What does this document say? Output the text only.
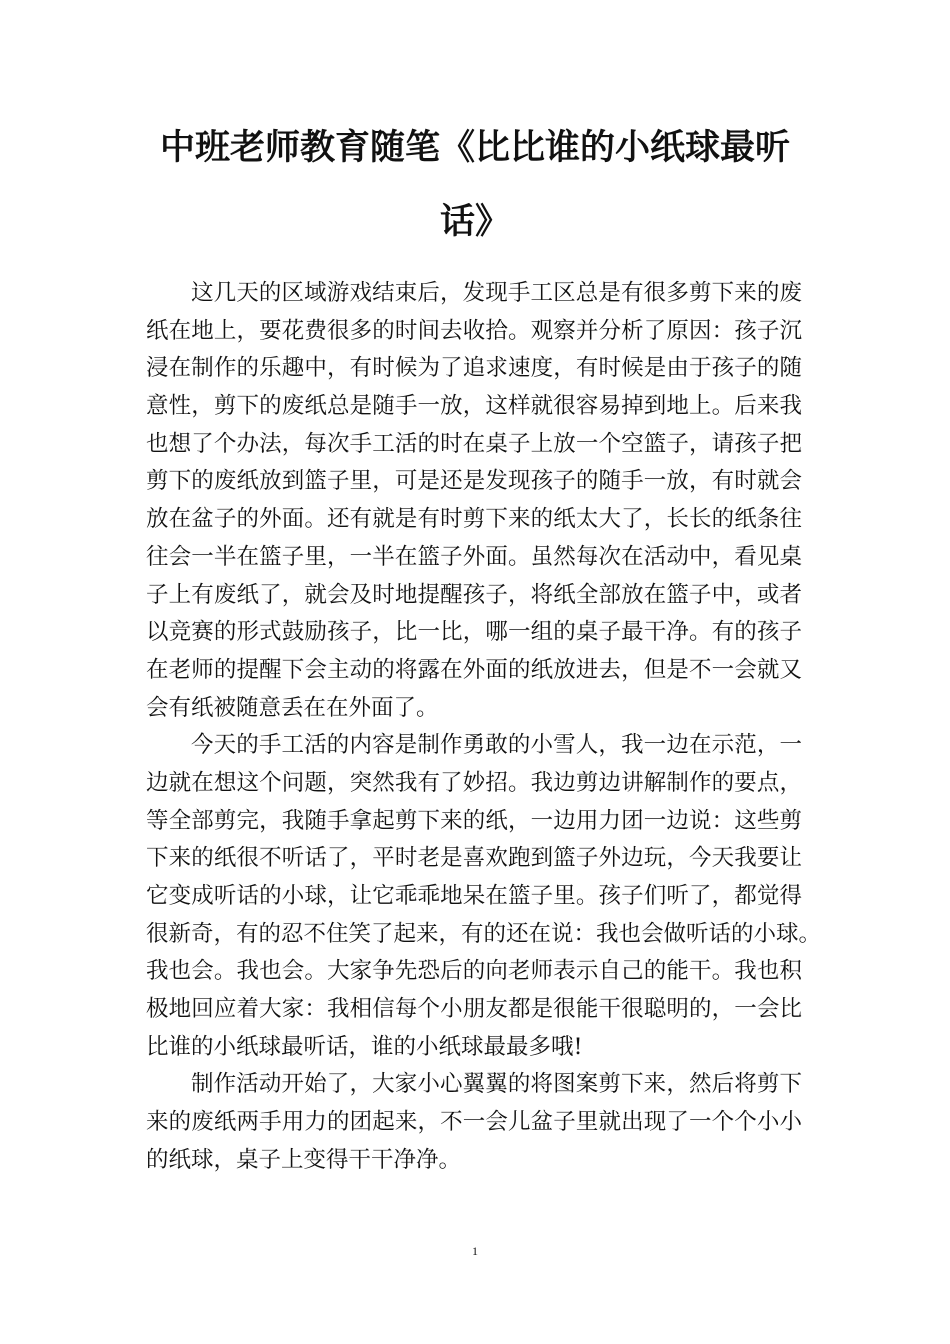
中班老师教育随笔《比比谁的小纸球最听
话》
这几天的区域游戏结束后，发现手工区总是有很多剪下来的废
纸在地上，要花费很多的时间去收拾。观察并分析了原因：孩子沉
浸在制作的乐趣中，有时候为了追求速度，有时候是由于孩子的随
意性，剪下的废纸总是随手一放，这样就很容易掉到地上。后来我
也想了个办法，每次手工活的时在桌子上放一个空篮子，请孩子把
剪下的废纸放到篮子里，可是还是发现孩子的随手一放，有时就会
放在盆子的外面。还有就是有时剪下来的纸太大了，长长的纸条往
往会一半在篮子里，一半在篮子外面。虽然每次在活动中，看见桌
子上有废纸了，就会及时地提醒孩子，将纸全部放在篮子中，或者
以竞赛的形式鼓励孩子，比一比，哪一组的桌子最干净。有的孩子
在老师的提醒下会主动的将露在外面的纸放进去，但是不一会就又
会有纸被随意丢在在外面了。
今天的手工活的内容是制作勇敢的小雪人，我一边在示范，一
边就在想这个问题，突然我有了妙招。我边剪边讲解制作的要点，
等全部剪完，我随手拿起剪下来的纸，一边用力团一边说：这些剪
下来的纸很不听话了，平时老是喜欢跑到篮子外边玩，今天我要让
它变成听话的小球，让它乖乖地呆在篮子里。孩子们听了，都觉得
很新奇，有的忍不住笑了起来，有的还在说：我也会做听话的小球。
我也会。我也会。大家争先恐后的向老师表示自己的能干。我也积
极地回应着大家：我相信每个小朋友都是很能干很聪明的，一会比
比谁的小纸球最听话，谁的小纸球最最多哦!
制作活动开始了，大家小心翼翼的将图案剪下来，然后将剪下
来的废纸两手用力的团起来，不一会儿盆子里就出现了一个个小小
的纸球，桌子上变得干干净净。
1
